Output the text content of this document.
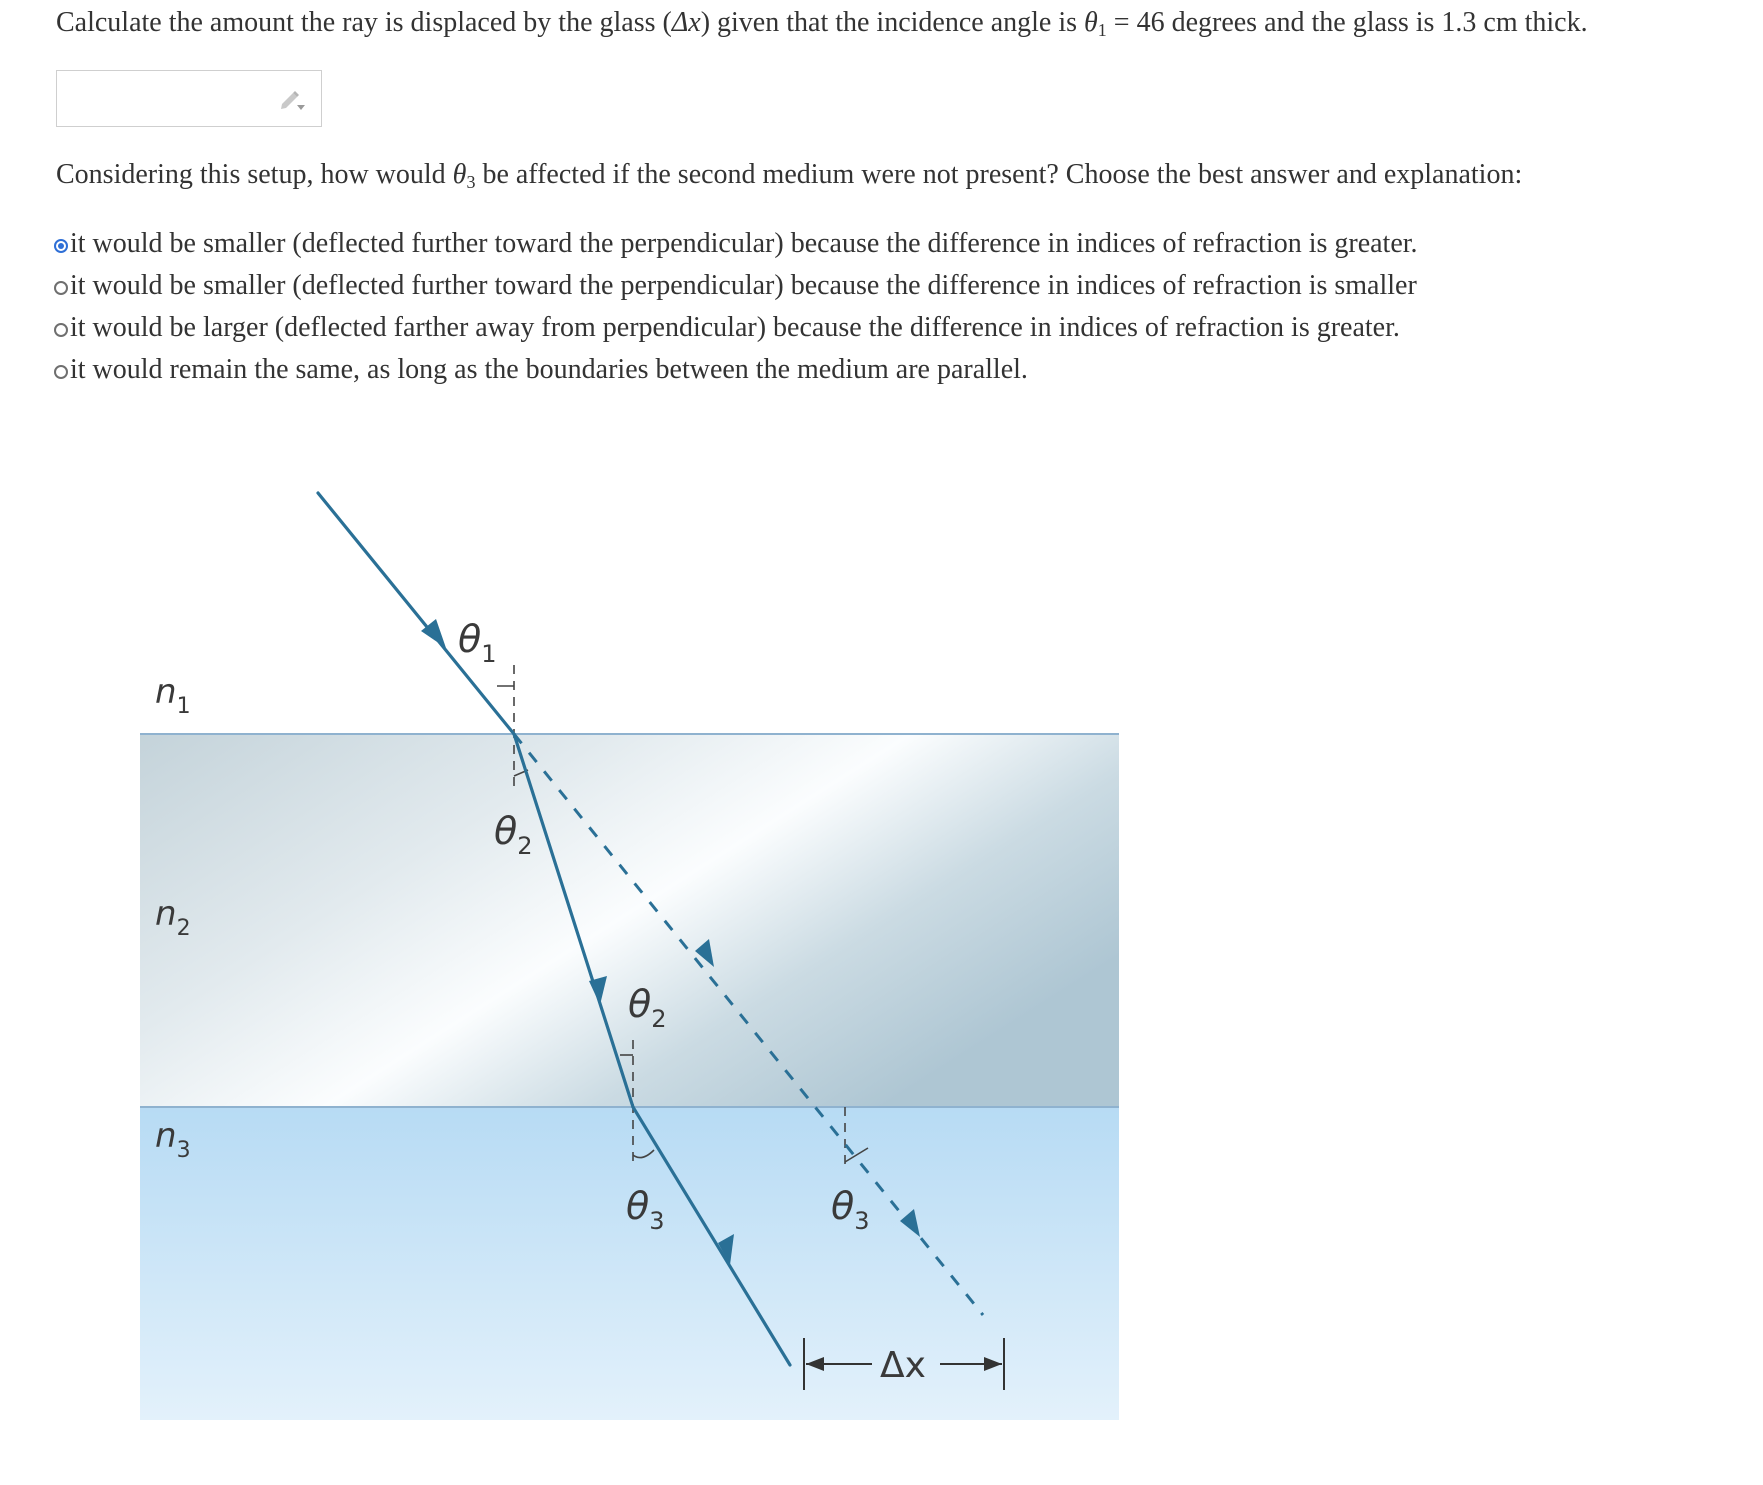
Calculate the amount the ray is displaced by the glass (Δx) given that the incidence angle is $\theta_1 = 46$ degrees and the glass is 1.3 cm thick.

Considering this setup, how would $\theta_3$ be affected if the second medium were not present? Choose the best answer and explanation:

it would be smaller (deflected further toward the perpendicular) because the difference in indices of refraction is greater.
it would be smaller (deflected further toward the perpendicular) because the difference in indices of refraction is smaller
it would be larger (deflected farther away from perpendicular) because the difference in indices of refraction is greater.
it would remain the same, as long as the boundaries between the medium are parallel.
$n_1$
$n_2$
$n_3$
$\theta_1$
$\theta_2$
$\theta_2$
$\theta_3$	$\theta_3$
Δx
